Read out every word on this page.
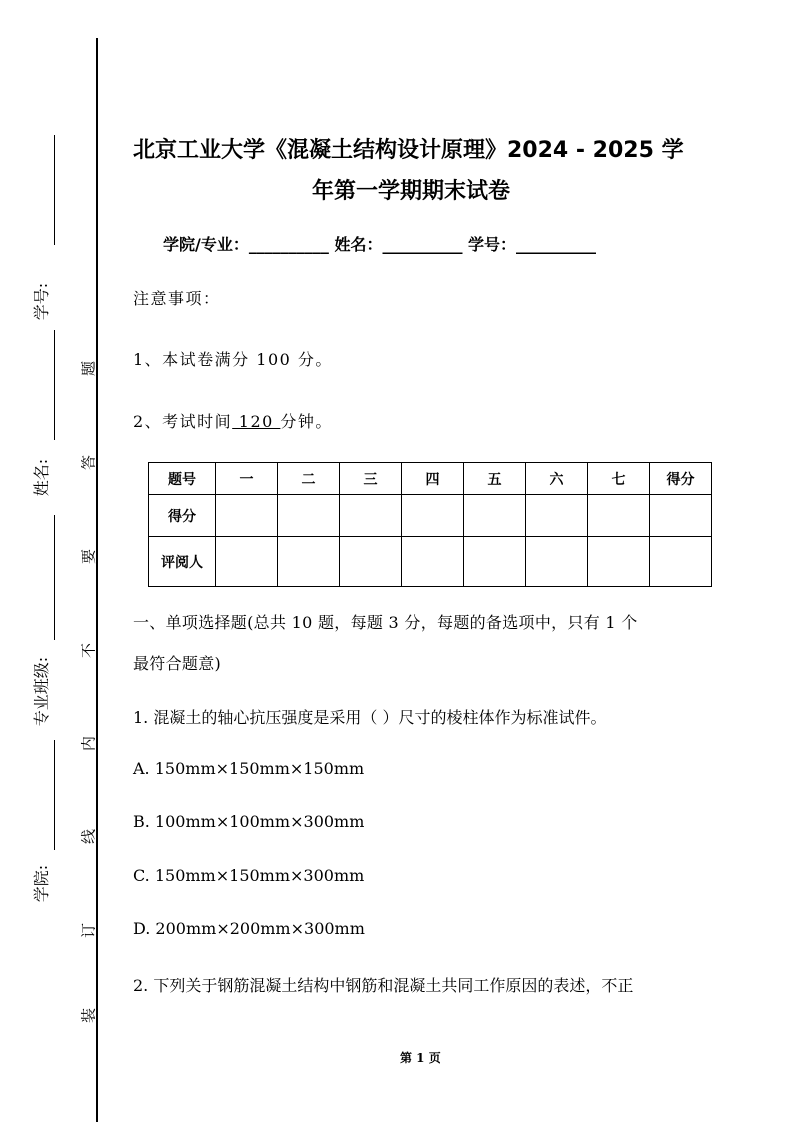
学号:
姓名:
专业班级:
学院:
题
答
要
不
内
线
订
装
北京工业大学《混凝土结构设计原理》2024 - 2025 学
年第一学期期末试卷
学院/专业：__________ 姓名：__________ 学号：__________
注意事项：
1、本试卷满分 100 分。
2、考试时间 120 分钟。
题号	一	二	三	四	五	六	七	得分
得分								
评阅人								
一、单项选择题(总共 10 题，每题 3 分，每题的备选项中，只有 1 个
最符合题意)
1. 混凝土的轴心抗压强度是采用（ ）尺寸的棱柱体作为标准试件。
A. 150mm×150mm×150mm
B. 100mm×100mm×300mm
C. 150mm×150mm×300mm
D. 200mm×200mm×300mm
2. 下列关于钢筋混凝土结构中钢筋和混凝土共同工作原因的表述，不正
第 1 页
